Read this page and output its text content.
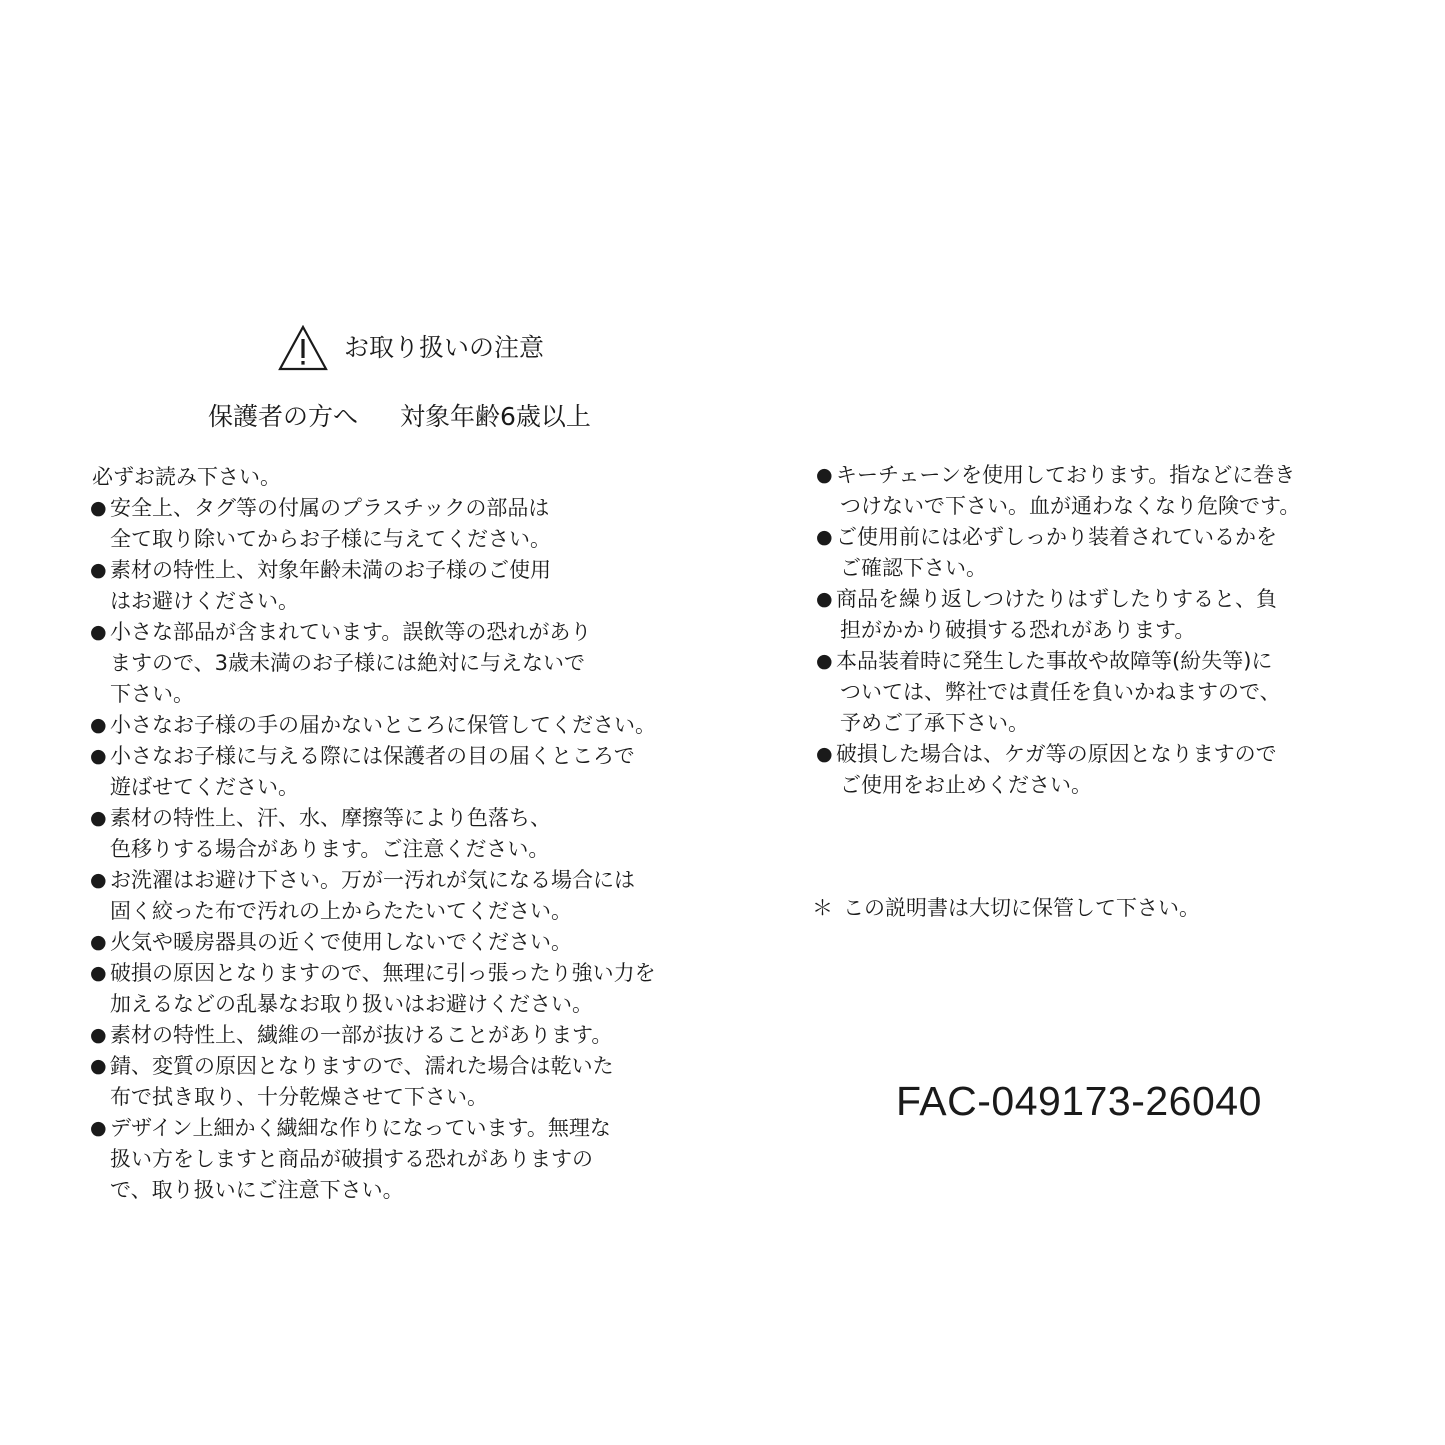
お取り扱いの注意
保護者の方へ 対象年齢6歳以上
必ずお読み下さい。
● 安全上、タグ等の付属のプラスチックの部品は
全て取り除いてからお子様に与えてください。
● 素材の特性上、対象年齢未満のお子様のご使用
はお避けください。
● 小さな部品が含まれています。誤飲等の恐れがあり
ますので、3歳未満のお子様には絶対に与えないで
下さい。
● 小さなお子様の手の届かないところに保管してください。
● 小さなお子様に与える際には保護者の目の届くところで
遊ばせてください。
● 素材の特性上、汗、水、摩擦等により色落ち、
色移りする場合があります。ご注意ください。
● お洗濯はお避け下さい。万が一汚れが気になる場合には
固く絞った布で汚れの上からたたいてください。
● 火気や暖房器具の近くで使用しないでください。
● 破損の原因となりますので、無理に引っ張ったり強い力を
加えるなどの乱暴なお取り扱いはお避けください。
● 素材の特性上、繊維の一部が抜けることがあります。
● 錆、変質の原因となりますので、濡れた場合は乾いた
布で拭き取り、十分乾燥させて下さい。
● デザイン上細かく繊細な作りになっています。無理な
扱い方をしますと商品が破損する恐れがありますの
で、取り扱いにご注意下さい。
● キーチェーンを使用しております。指などに巻き
つけないで下さい。血が通わなくなり危険です。
● ご使用前には必ずしっかり装着されているかを
ご確認下さい。
● 商品を繰り返しつけたりはずしたりすると、負
担がかかり破損する恐れがあります。
● 本品装着時に発生した事故や故障等(紛失等)に
ついては、弊社では責任を負いかねますので、
予めご了承下さい。
● 破損した場合は、ケガ等の原因となりますので
ご使用をお止めください。
＊ この説明書は大切に保管して下さい。
FAC-049173-26040
